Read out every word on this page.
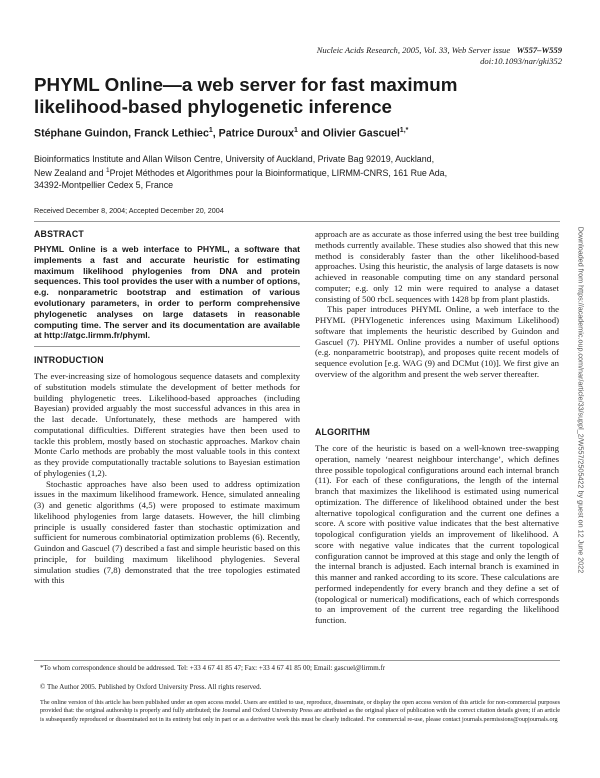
Nucleic Acids Research, 2005, Vol. 33, Web Server issue W557–W559
doi:10.1093/nar/gki352
PHYML Online—a web server for fast maximum
likelihood-based phylogenetic inference
Stéphane Guindon, Franck Lethiec$^1$, Patrice Duroux$^1$ and Olivier Gascuel$^{1,*}$
Bioinformatics Institute and Allan Wilson Centre, University of Auckland, Private Bag 92019, Auckland,
New Zealand and $^1$Projet Méthodes et Algorithmes pour la Bioinformatique, LIRMM-CNRS, 161 Rue Ada,
34392-Montpellier Cedex 5, France
Received December 8, 2004; Accepted December 20, 2004
ABSTRACT
PHYML Online is a web interface to PHYML, a software that implements a fast and accurate heuristic for estimating maximum likelihood phylogenies from DNA and protein sequences. This tool provides the user with a number of options, e.g. nonparametric bootstrap and estimation of various evolutionary parameters, in order to perform comprehensive phylogenetic analyses on large datasets in reasonable computing time. The server and its documentation are available at http://atgc.lirmm.fr/phyml.
INTRODUCTION

The ever-increasing size of homologous sequence datasets and complexity of substitution models stimulate the development of better methods for building phylogenetic trees. Likelihood-based approaches (including Bayesian) provided arguably the most successful advances in this area in the last decade. Unfortunately, these methods are hampered with computational difficulties. Different strategies have then been used to tackle this problem, mostly based on stochastic approaches. Markov chain Monte Carlo methods are probably the most valuable tools in this context as they provide computationally tractable solutions to Bayesian estimation of phylogenies (1,2).

Stochastic approaches have also been used to address optimization issues in the maximum likelihood framework. Hence, simulated annealing (3) and genetic algorithms (4,5) were proposed to estimate maximum likelihood phylogenies from large datasets. However, the hill climbing principle is usually considered faster than stochastic optimization and sufficient for numerous combinatorial optimization problems (6). Recently, Guindon and Gascuel (7) described a fast and simple heuristic based on this principle, for building maximum likelihood phylogenies. Several simulation studies (7,8) demonstrated that the tree topologies estimated with this

approach are as accurate as those inferred using the best tree building methods currently available. These studies also showed that this new method is considerably faster than the other likelihood-based approaches. Using this heuristic, the analysis of large datasets is now achieved in reasonable computing time on any standard personal computer; e.g. only 12 min were required to analyse a dataset consisting of 500 rbcL sequences with 1428 bp from plant plastids.

This paper introduces PHYML Online, a web interface to the PHYML (PHYlogenetic inferences using Maximum Likelihood) software that implements the heuristic described by Guindon and Gascuel (7). PHYML Online provides a number of useful options (e.g. nonparametric bootstrap), and proposes quite recent models of sequence evolution [e.g. WAG (9) and DCMut (10)]. We first give an overview of the algorithm and present the web server thereafter.

ALGORITHM

The core of the heuristic is based on a well-known tree-swapping operation, namely ‘nearest neighbour interchange’, which defines three possible topological configurations around each internal branch (11). For each of these configurations, the length of the internal branch that maximizes the likelihood is estimated using numerical optimization. The difference of likelihood obtained under the best alternative topological configuration and the current one defines a score. A score with positive value indicates that the best alternative topological configuration yields an improvement of likelihood. A score with negative value indicates that the current topological configuration cannot be improved at this stage and only the length of the internal branch is adjusted. Each internal branch is examined in this manner and ranked according to its score. These calculations are performed independently for every branch and they define a set of (topological or numerical) modifications, each of which corresponds to an improvement of the current tree regarding the likelihood function.

*To whom correspondence should be addressed. Tel: +33 4 67 41 85 47; Fax: +33 4 67 41 85 00; Email: gascuel@lirmm.fr
© The Author 2005. Published by Oxford University Press. All rights reserved.
The online version of this article has been published under an open access model. Users are entitled to use, reproduce, disseminate, or display the open access version of this article for non-commercial purposes provided that: the original authorship is properly and fully attributed; the Journal and Oxford University Press are attributed as the original place of publication with the correct citation details given; if an article is subsequently reproduced or disseminated not in its entirety but only in part or as a derivative work this must be clearly indicated. For commercial re-use, please contact journals.permissions@oupjournals.org
Downloaded from https://academic.oup.com/nar/article/33/suppl_2/W557/2505422 by guest on 12 June 2022
